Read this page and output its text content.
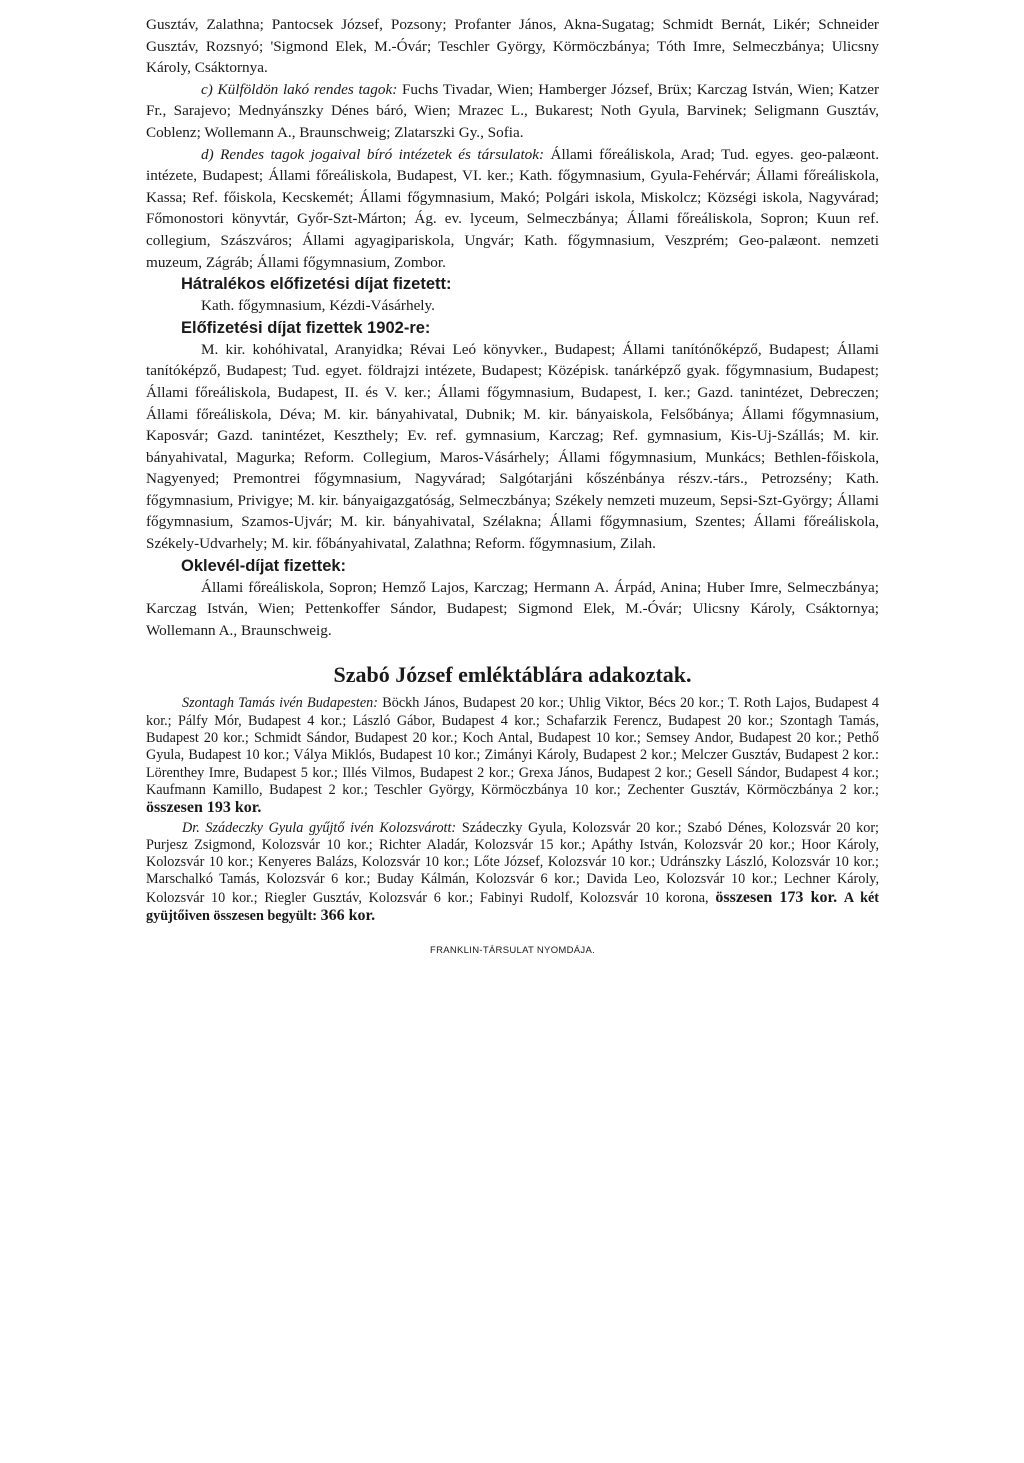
Gusztáv, Zalathna; Pantocsek József, Pozsony; Profanter János, Akna-Sugatag; Schmidt Bernát, Likér; Schneider Gusztáv, Rozsnyó; 'Sigmond Elek, M.-Óvár; Teschler György, Körmöczbánya; Tóth Imre, Selmeczbánya; Ulicsny Károly, Csáktornya.

c) Külföldön lakó rendes tagok: Fuchs Tivadar, Wien; Hamberger József, Brüx; Karczag István, Wien; Katzer Fr., Sarajevo; Mednyánszky Dénes báró, Wien; Mrazec L., Bukarest; Noth Gyula, Barvinek; Seligmann Gusztáv, Coblenz; Wollemann A., Braunschweig; Zlatarszki Gy., Sofia.

d) Rendes tagok jogaival bíró intézetek és társulatok: Állami főreáliskola, Arad; Tud. egyes. geo-palæont. intézete, Budapest; Állami főreáliskola, Budapest, VI. ker.; Kath. főgymnasium, Gyula-Fehérvár; Állami főreáliskola, Kassa; Ref. főiskola, Kecskemét; Állami főgymnasium, Makó; Polgári iskola, Miskolcz; Községi iskola, Nagyvárad; Főmonostori könyvtár, Győr-Szt-Márton; Ág. ev. lyceum, Selmeczbánya; Állami főreáliskola, Sopron; Kuun ref. collegium, Szászváros; Állami agyagipariskola, Ungvár; Kath. főgymnasium, Veszprém; Geo-palæont. nemzeti muzeum, Zágráb; Állami főgymnasium, Zombor.

Hátralékos előfizetési díjat fizetett:

Kath. főgymnasium, Kézdi-Vásárhely.

Előfizetési díjat fizettek 1902-re:

M. kir. kohóhivatal, Aranyidka; Révai Leó könyvker., Budapest; Állami tanítónőképző, Budapest; Állami tanítóképző, Budapest; Tud. egyet. földrajzi intézete, Budapest; Középisk. tanárképző gyak. főgymnasium, Budapest; Állami főreáliskola, Budapest, II. és V. ker.; Állami főgymnasium, Budapest, I. ker.; Gazd. tanintézet, Debreczen; Állami főreáliskola, Déva; M. kir. bányahivatal, Dubnik; M. kir. bányaiskola, Felsőbánya; Állami főgymnasium, Kaposvár; Gazd. tanintézet, Keszthely; Ev. ref. gymnasium, Karczag; Ref. gymnasium, Kis-Uj-Szállás; M. kir. bányahivatal, Magurka; Reform. Collegium, Maros-Vásárhely; Állami főgymnasium, Munkács; Bethlen-főiskola, Nagyenyed; Premontrei főgymnasium, Nagyvárad; Salgótarjáni kőszénbánya részv.-társ., Petrozsény; Kath. főgymnasium, Privigye; M. kir. bányaigazgatóság, Selmeczbánya; Székely nemzeti muzeum, Sepsi-Szt-György; Állami főgymnasium, Szamos-Ujvár; M. kir. bányahivatal, Szélakna; Állami főgymnasium, Szentes; Állami főreáliskola, Székely-Udvarhely; M. kir. főbányahivatal, Zalathna; Reform. főgymnasium, Zilah.

Oklevél-díjat fizettek:

Állami főreáliskola, Sopron; Hemző Lajos, Karczag; Hermann A. Árpád, Anina; Huber Imre, Selmeczbánya; Karczag István, Wien; Pettenkoffer Sándor, Budapest; Sigmond Elek, M.-Óvár; Ulicsny Károly, Csáktornya; Wollemann A., Braunschweig.

Szabó József emléktáblára adakoztak.

Szontagh Tamás ivén Budapesten: Böckh János, Budapest 20 kor.; Uhlig Viktor, Bécs 20 kor.; T. Roth Lajos, Budapest 4 kor.; Pálfy Mór, Budapest 4 kor.; László Gábor, Budapest 4 kor.; Schafarzik Ferencz, Budapest 20 kor.; Szontagh Tamás, Budapest 20 kor.; Schmidt Sándor, Budapest 20 kor.; Koch Antal, Budapest 10 kor.; Semsey Andor, Budapest 20 kor.; Pethő Gyula, Budapest 10 kor.; Vályа Miklós, Budapest 10 kor.; Zimányi Károly, Budapest 2 kor.; Melczer Gusztáv, Budapest 2 kor.: Lörenthey Imre, Budapest 5 kor.; Illés Vilmos, Budapest 2 kor.; Grexa János, Budapest 2 kor.; Gesell Sándor, Budapest 4 kor.; Kaufmann Kamillo, Budapest 2 kor.; Teschler György, Körmöczbánya 10 kor.; Zechenter Gusztáv, Körmöczbánya 2 kor.; összesen 193 kor.

Dr. Szádeczky Gyula gyűjtő ivén Kolozsvárott: Szádeczky Gyula, Kolozsvár 20 kor.; Szabó Dénes, Kolozsvár 20 kor; Purjesz Zsigmond, Kolozsvár 10 kor.; Richter Aladár, Kolozsvár 15 kor.; Apáthy István, Kolozsvár 20 kor.; Hoor Károly, Kolozsvár 10 kor.; Kenyeres Balázs, Kolozsvár 10 kor.; Lőte József, Kolozsvár 10 kor.; Udránszky László, Kolozsvár 10 kor.; Marschalkó Tamás, Kolozsvár 6 kor.; Buday Kálmán, Kolozsvár 6 kor.; Davida Leo, Kolozsvár 10 kor.; Lechner Károly, Kolozsvár 10 kor.; Riegler Gusztáv, Kolozsvár 6 kor.; Fabinyi Rudolf, Kolozsvár 10 korona, összesen 173 kor. A két gyüjtőiven összesen begyült: 366 kor.

FRANKLIN-TÁRSULAT NYOMDÁJA.
